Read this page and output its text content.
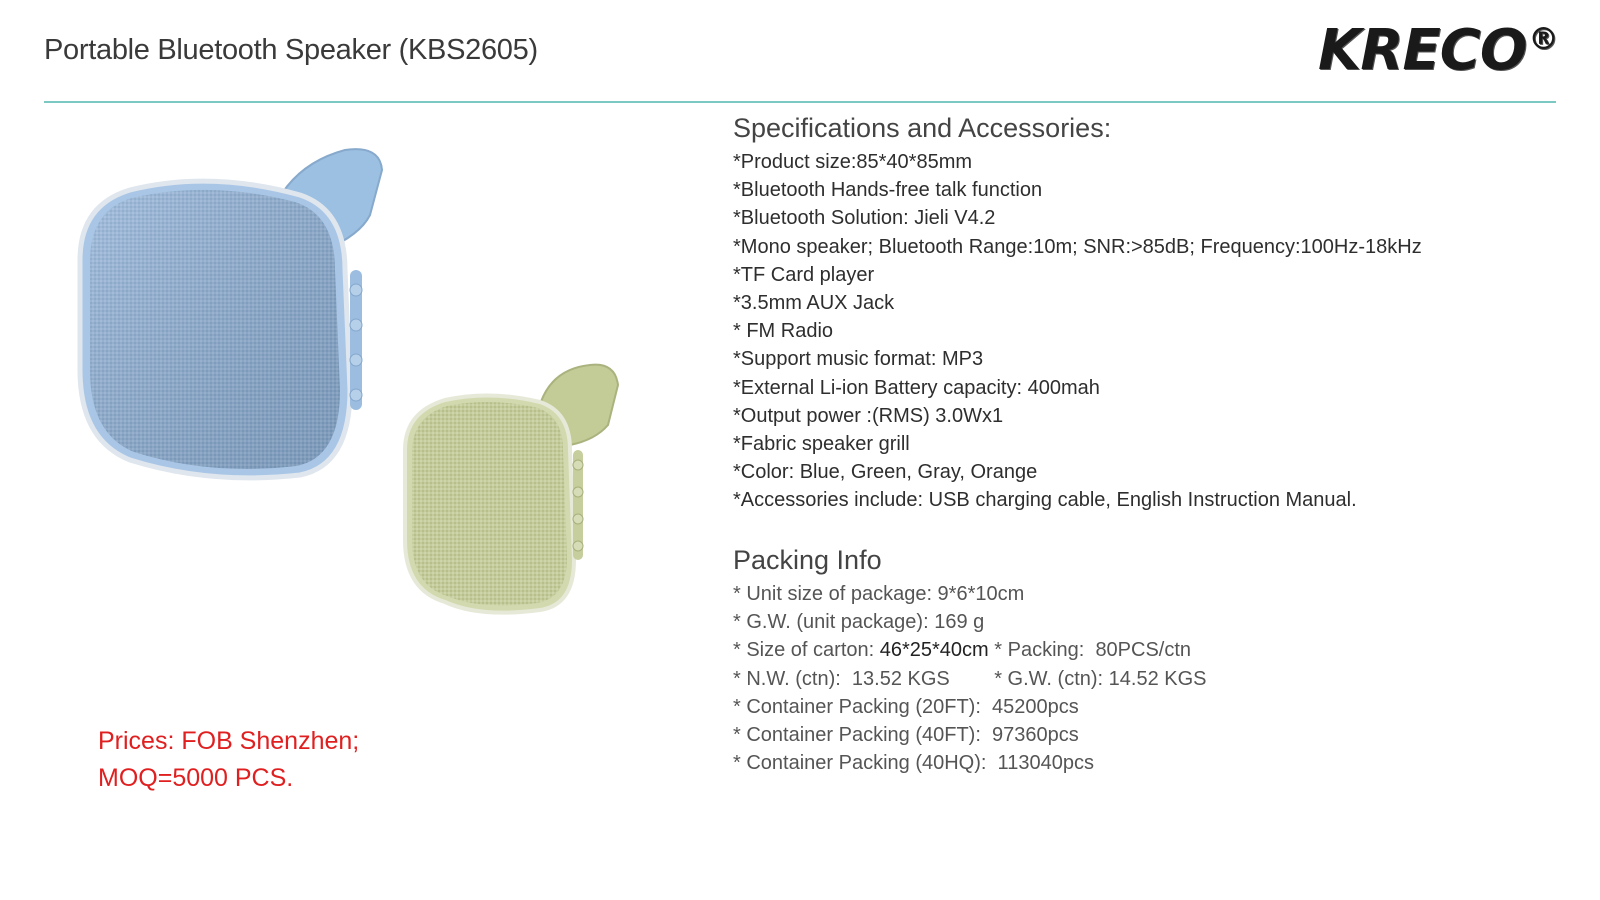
Portable Bluetooth Speaker (KBS2605)	KRECO®
Prices: FOB Shenzhen;
MOQ=5000 PCS.
Specifications and Accessories:
*Product size:85*40*85mm
*Bluetooth Hands-free talk function
*Bluetooth Solution: Jieli V4.2
*Mono speaker; Bluetooth Range:10m; SNR:>85dB; Frequency:100Hz-18kHz
*TF Card player
*3.5mm AUX Jack
* FM Radio
*Support music format: MP3
*External Li-ion Battery capacity: 400mah
*Output power :(RMS) 3.0Wx1
*Fabric speaker grill
*Color: Blue, Green, Gray, Orange
*Accessories include: USB charging cable, English Instruction Manual.
Packing Info
* Unit size of package: 9*6*10cm
* G.W. (unit package): 169 g
* Size of carton: 46*25*40cm * Packing:  80PCS/ctn
* N.W. (ctn):  13.52 KGS * G.W. (ctn): 14.52 KGS
* Container Packing (20FT):  45200pcs
* Container Packing (40FT):  97360pcs
* Container Packing (40HQ):  113040pcs
